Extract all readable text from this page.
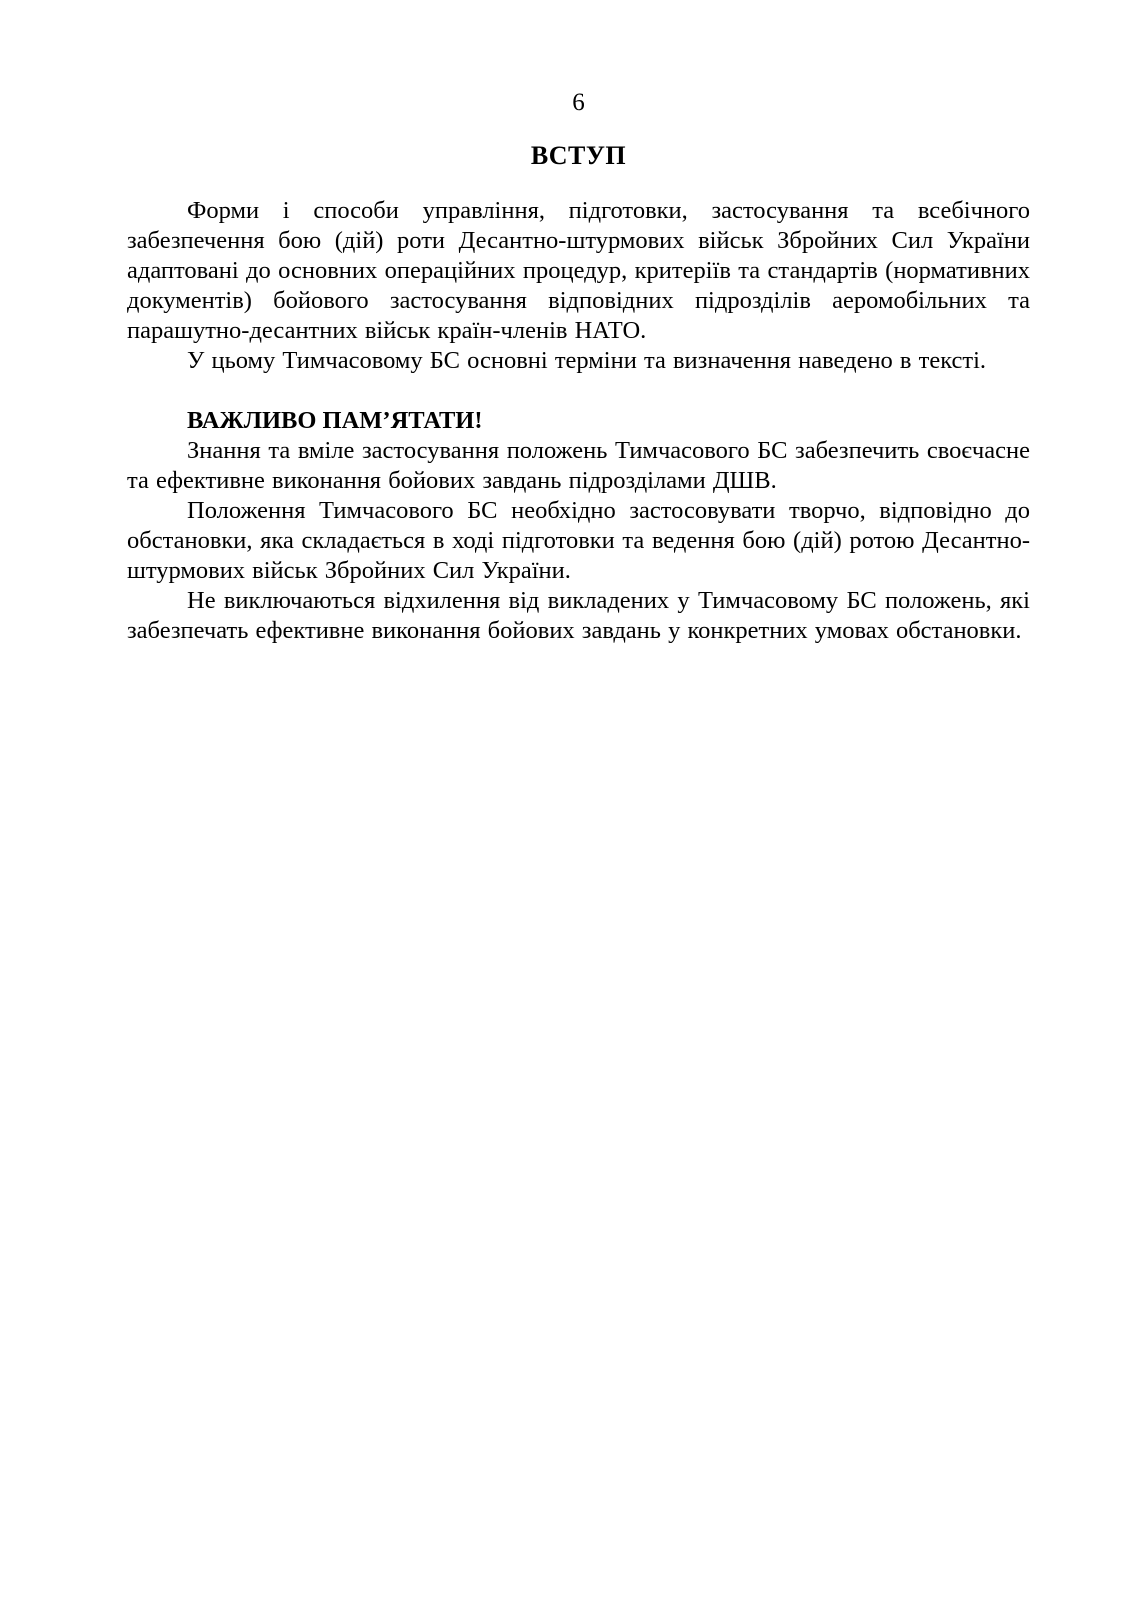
6
ВСТУП

Форми і способи управління, підготовки, застосування та всебічного забезпечення бою (дій) роти Десантно-штурмових військ Збройних Сил України адаптовані до основних операційних процедур, критеріїв та стандартів (нормативних документів) бойового застосування відповідних підрозділів аеромобільних та парашутно-десантних військ країн-членів НАТО.

У цьому Тимчасовому БС основні терміни та визначення наведено в тексті.

ВАЖЛИВО ПАМ’ЯТАТИ!

Знання та вміле застосування положень Тимчасового БС забезпечить своєчасне та ефективне виконання бойових завдань підрозділами ДШВ.

Положення Тимчасового БС необхідно застосовувати творчо, відповідно до обстановки, яка складається в ході підготовки та ведення бою (дій) ротою Десантно-штурмових військ Збройних Сил України.

Не виключаються відхилення від викладених у Тимчасовому БС положень, які забезпечать ефективне виконання бойових завдань у конкретних умовах обстановки.
